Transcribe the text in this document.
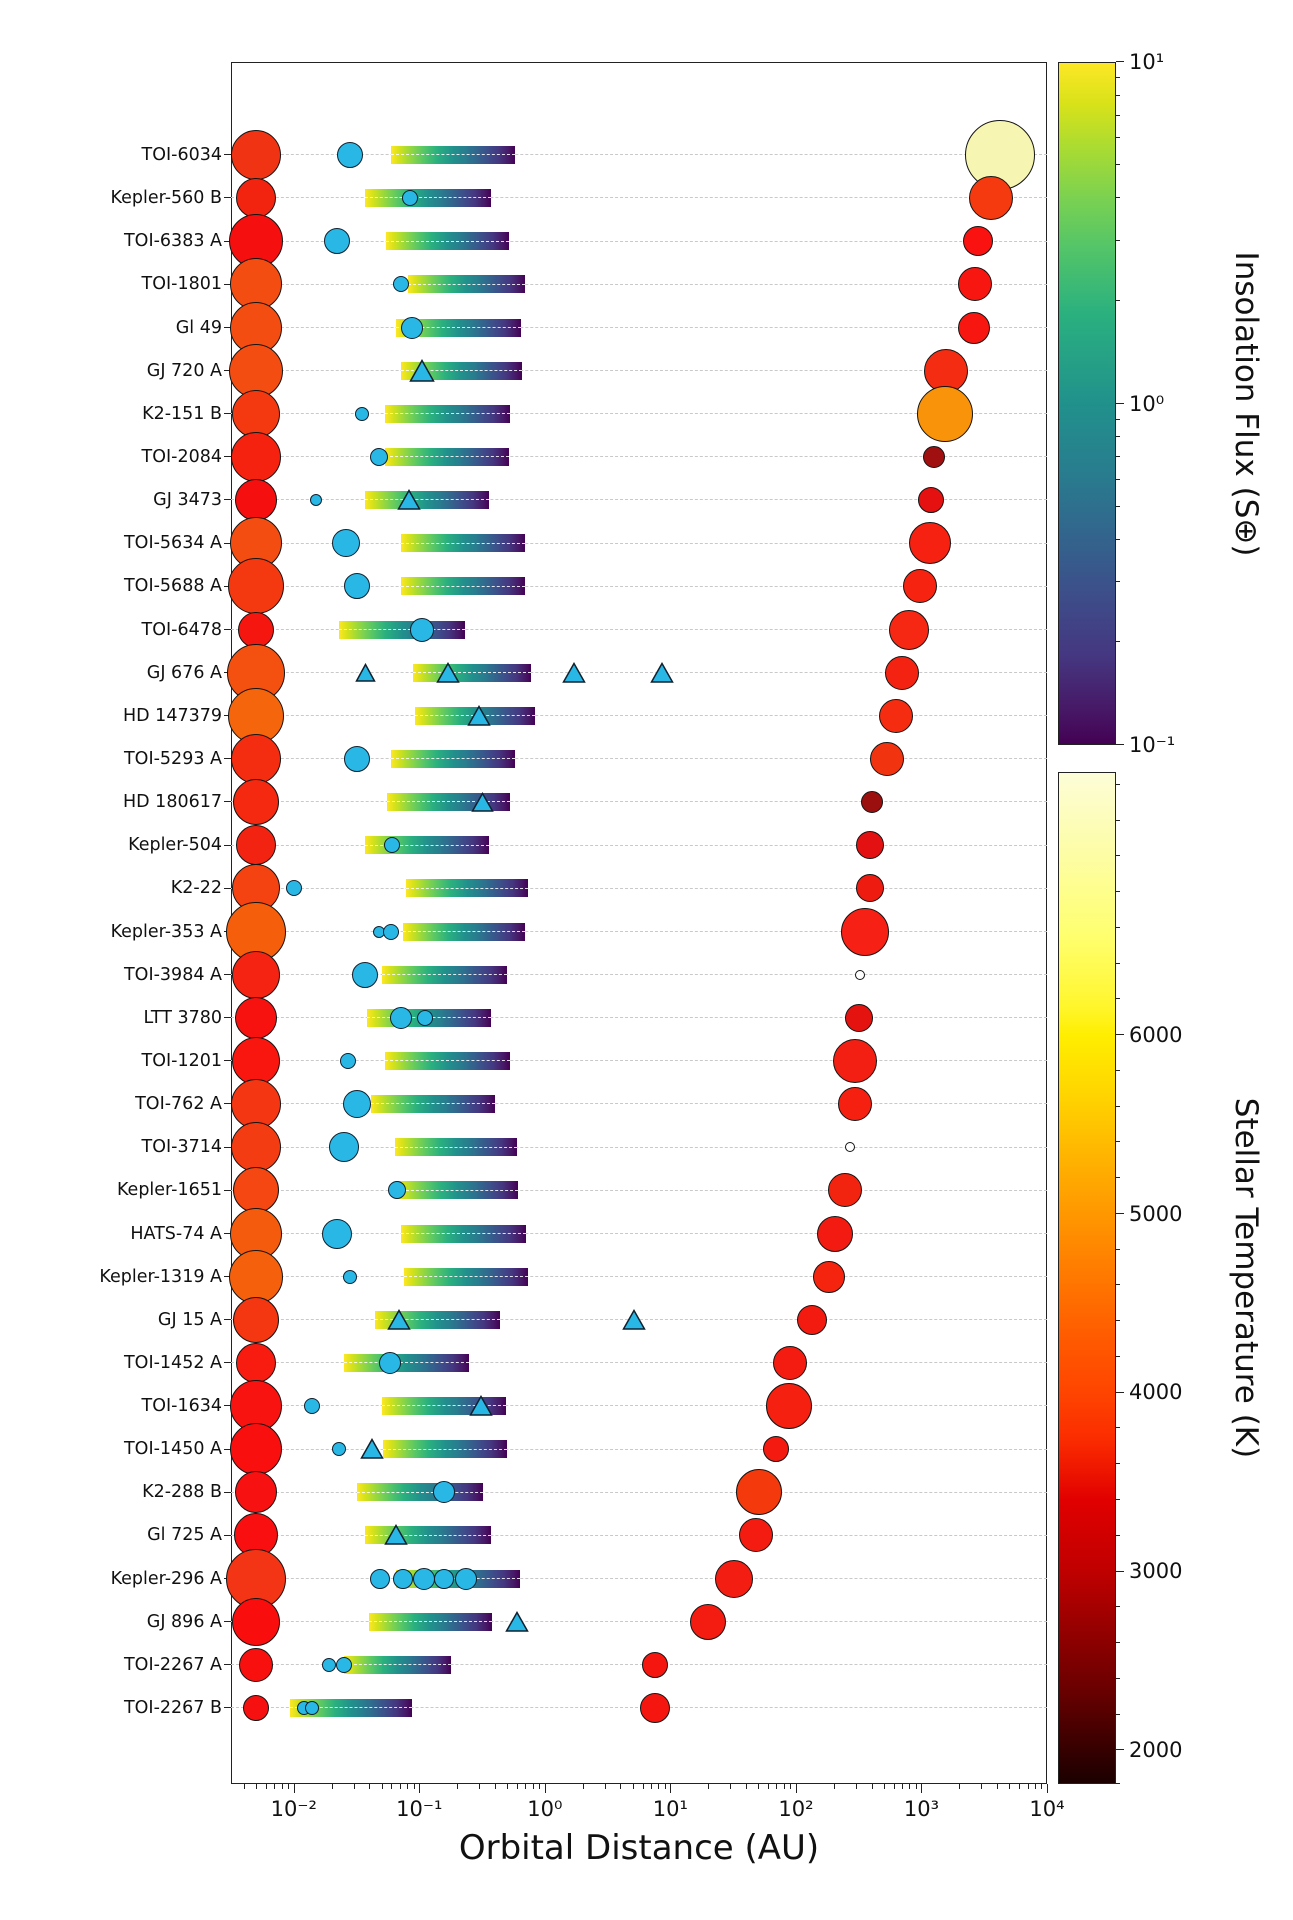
TOI-6034
Kepler-560 B
TOI-6383 A
TOI-1801
Gl 49
GJ 720 A
K2-151 B
TOI-2084
GJ 3473
TOI-5634 A
TOI-5688 A
TOI-6478
GJ 676 A
HD 147379
TOI-5293 A
HD 180617
Kepler-504
K2-22
Kepler-353 A
TOI-3984 A
LTT 3780
TOI-1201
TOI-762 A
TOI-3714
Kepler-1651
HATS-74 A
Kepler-1319 A
GJ 15 A
TOI-1452 A
TOI-1634
TOI-1450 A
K2-288 B
Gl 725 A
Kepler-296 A
GJ 896 A
TOI-2267 A
TOI-2267 B
10⁻²	10⁻¹	10⁰	10¹	10²	10³	10⁴
10¹
10⁰
10⁻¹
6000
5000
4000
3000
2000
Orbital Distance (AU)
Insolation Flux (S⊕)
Stellar Temperature (K)
